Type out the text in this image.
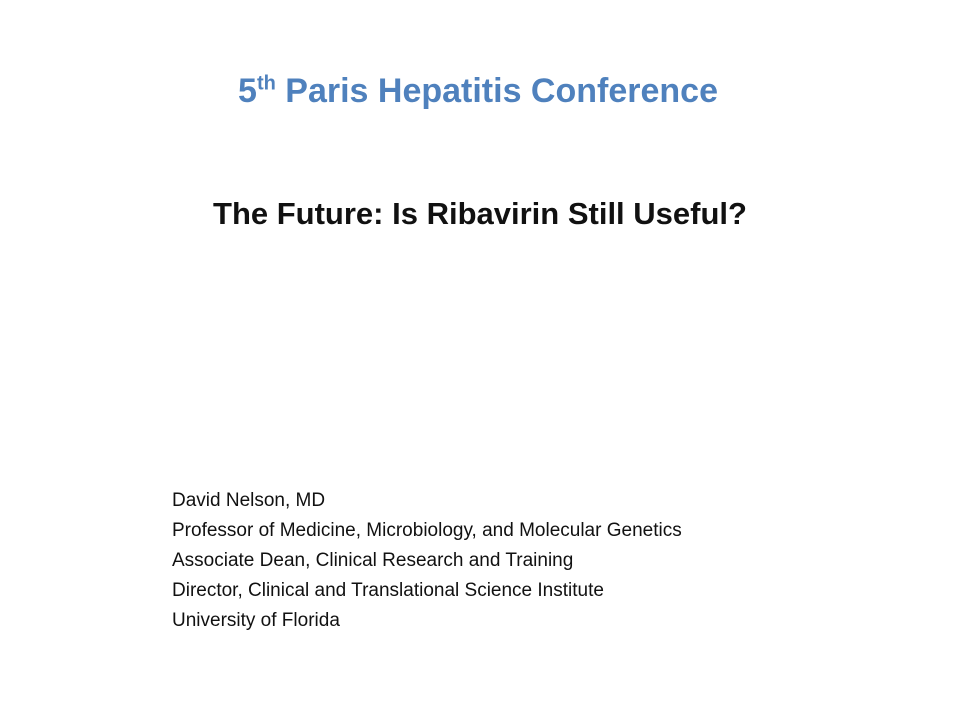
5th Paris Hepatitis Conference
The Future: Is Ribavirin Still Useful?
David Nelson, MD
Professor of Medicine, Microbiology, and Molecular Genetics
Associate Dean, Clinical Research and Training
Director, Clinical and Translational Science Institute
University of Florida
